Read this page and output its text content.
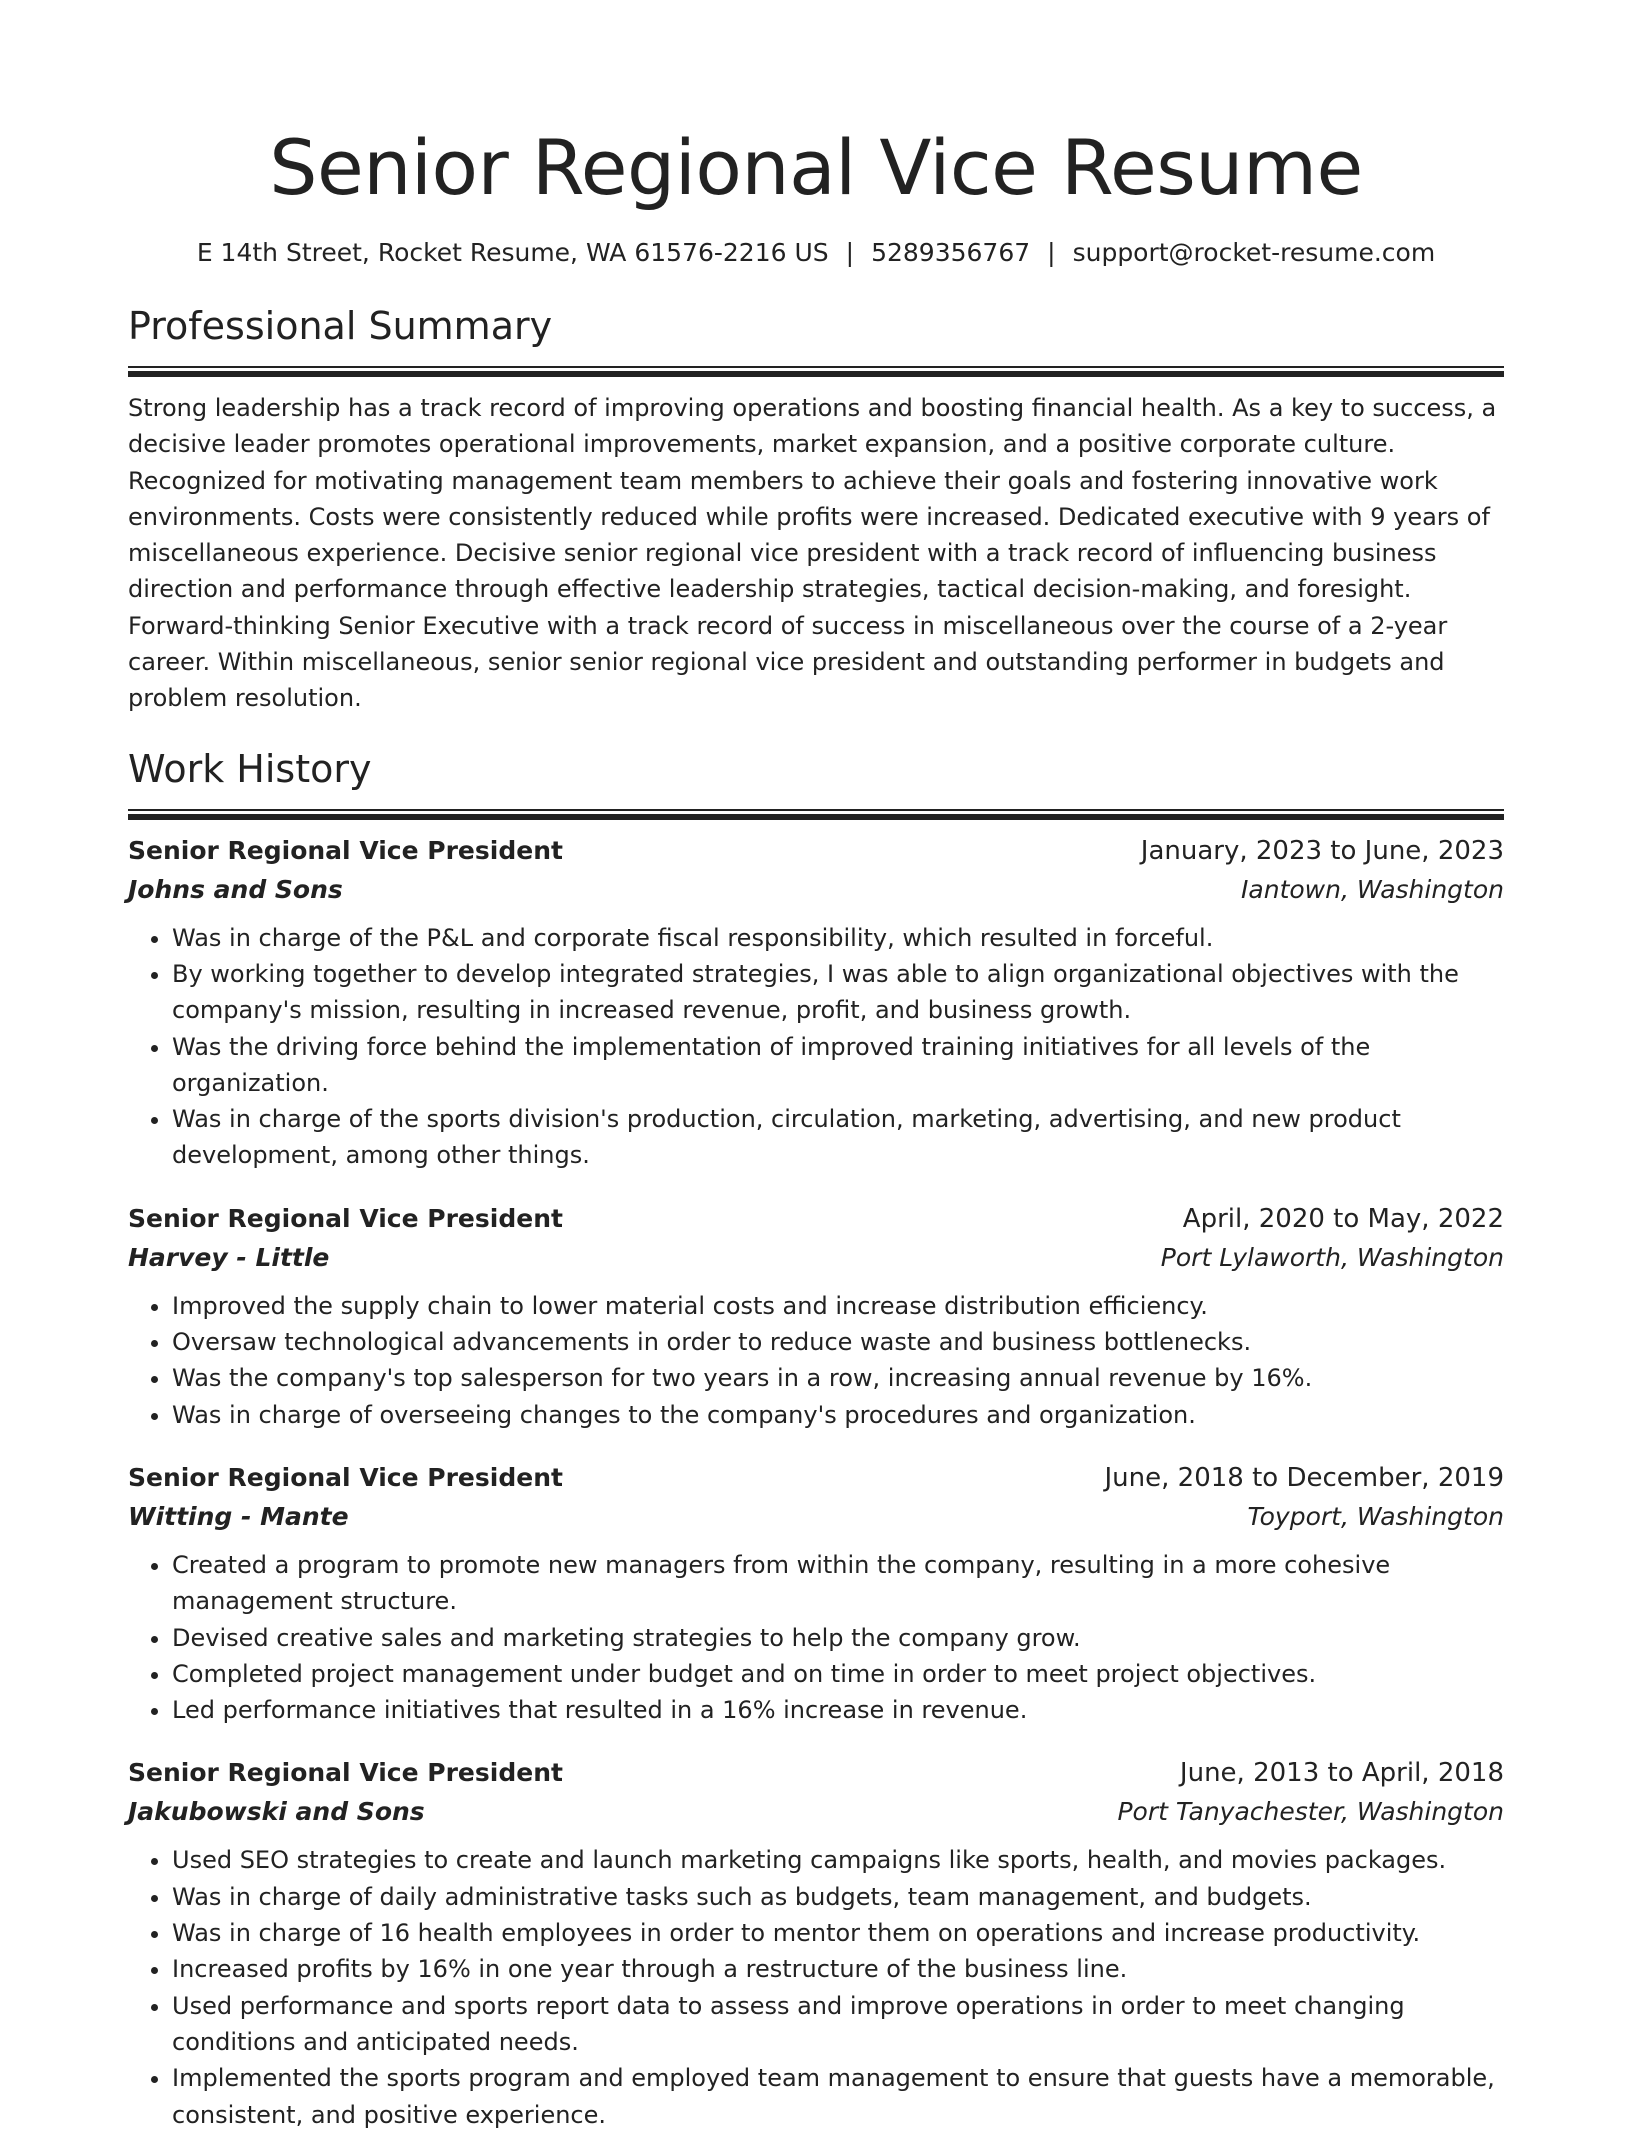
Senior Regional Vice Resume
E 14th Street, Rocket Resume, WA 61576-2216 US | 5289356767 | support@rocket-resume.com
Professional Summary

Strong leadership has a track record of improving operations and boosting financial health. As a key to success, a decisive leader promotes operational improvements, market expansion, and a positive corporate culture. Recognized for motivating management team members to achieve their goals and fostering innovative work environments. Costs were consistently reduced while profits were increased. Dedicated executive with 9 years of miscellaneous experience. Decisive senior regional vice president with a track record of influencing business direction and performance through effective leadership strategies, tactical decision-making, and foresight. Forward-thinking Senior Executive with a track record of success in miscellaneous over the course of a 2-year career. Within miscellaneous, senior senior regional vice president and outstanding performer in budgets and problem resolution.

Work History
Senior Regional Vice President	January, 2023 to June, 2023
Johns and Sons	Iantown, Washington
• Was in charge of the P&L and corporate fiscal responsibility, which resulted in forceful.
• By working together to develop integrated strategies, I was able to align organizational objectives with the company's mission, resulting in increased revenue, profit, and business growth.
• Was the driving force behind the implementation of improved training initiatives for all levels of the organization.
• Was in charge of the sports division's production, circulation, marketing, advertising, and new product development, among other things.
Senior Regional Vice President	April, 2020 to May, 2022
Harvey - Little	Port Lylaworth, Washington
• Improved the supply chain to lower material costs and increase distribution efficiency.
• Oversaw technological advancements in order to reduce waste and business bottlenecks.
• Was the company's top salesperson for two years in a row, increasing annual revenue by 16%.
• Was in charge of overseeing changes to the company's procedures and organization.
Senior Regional Vice President	June, 2018 to December, 2019
Witting - Mante	Toyport, Washington
• Created a program to promote new managers from within the company, resulting in a more cohesive management structure.
• Devised creative sales and marketing strategies to help the company grow.
• Completed project management under budget and on time in order to meet project objectives.
• Led performance initiatives that resulted in a 16% increase in revenue.
Senior Regional Vice President	June, 2013 to April, 2018
Jakubowski and Sons	Port Tanyachester, Washington
• Used SEO strategies to create and launch marketing campaigns like sports, health, and movies packages.
• Was in charge of daily administrative tasks such as budgets, team management, and budgets.
• Was in charge of 16 health employees in order to mentor them on operations and increase productivity.
• Increased profits by 16% in one year through a restructure of the business line.
• Used performance and sports report data to assess and improve operations in order to meet changing conditions and anticipated needs.
• Implemented the sports program and employed team management to ensure that guests have a memorable, consistent, and positive experience.
